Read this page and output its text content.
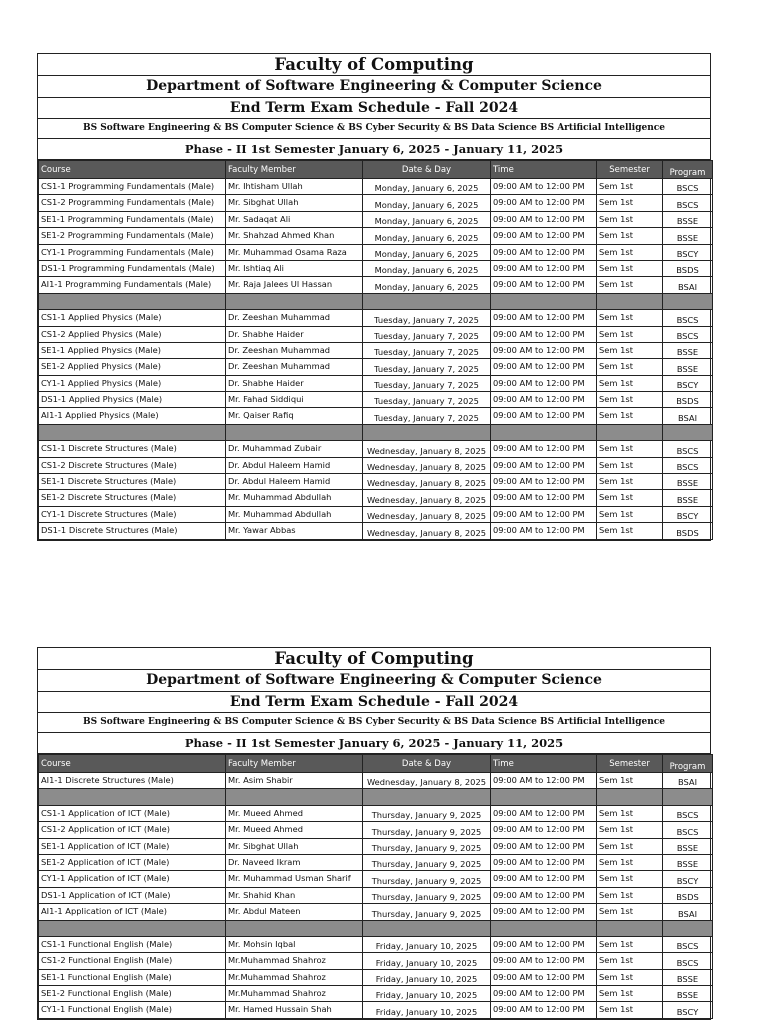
Faculty of Computing
Department of Software Engineering & Computer Science
End Term Exam Schedule - Fall 2024
BS Software Engineering & BS Computer Science & BS Cyber Security & BS Data Science BS Artificial Intelligence
Phase - II 1st Semester January 6, 2025 - January 11, 2025
Course	Faculty Member	Date & Day	Time	Semester	Program
CS1-1 Programming Fundamentals (Male)	Mr. Ihtisham Ullah	Monday, January 6, 2025	09:00 AM to 12:00 PM	Sem 1st	BSCS
CS1-2 Programming Fundamentals (Male)	Mr. Sibghat Ullah	Monday, January 6, 2025	09:00 AM to 12:00 PM	Sem 1st	BSCS
SE1-1 Programming Fundamentals (Male)	Mr. Sadaqat Ali	Monday, January 6, 2025	09:00 AM to 12:00 PM	Sem 1st	BSSE
SE1-2 Programming Fundamentals (Male)	Mr. Shahzad Ahmed Khan	Monday, January 6, 2025	09:00 AM to 12:00 PM	Sem 1st	BSSE
CY1-1 Programming Fundamentals (Male)	Mr. Muhammad Osama Raza	Monday, January 6, 2025	09:00 AM to 12:00 PM	Sem 1st	BSCY
DS1-1 Programming Fundamentals (Male)	Mr. Ishtiaq Ali	Monday, January 6, 2025	09:00 AM to 12:00 PM	Sem 1st	BSDS
AI1-1 Programming Fundamentals (Male)	Mr. Raja Jalees Ul Hassan	Monday, January 6, 2025	09:00 AM to 12:00 PM	Sem 1st	BSAI

CS1-1 Applied Physics (Male)	Dr. Zeeshan Muhammad	Tuesday, January 7, 2025	09:00 AM to 12:00 PM	Sem 1st	BSCS
CS1-2 Applied Physics (Male)	Dr. Shabhe Haider	Tuesday, January 7, 2025	09:00 AM to 12:00 PM	Sem 1st	BSCS
SE1-1 Applied Physics (Male)	Dr. Zeeshan Muhammad	Tuesday, January 7, 2025	09:00 AM to 12:00 PM	Sem 1st	BSSE
SE1-2 Applied Physics (Male)	Dr. Zeeshan Muhammad	Tuesday, January 7, 2025	09:00 AM to 12:00 PM	Sem 1st	BSSE
CY1-1 Applied Physics (Male)	Dr. Shabhe Haider	Tuesday, January 7, 2025	09:00 AM to 12:00 PM	Sem 1st	BSCY
DS1-1 Applied Physics (Male)	Mr. Fahad Siddiqui	Tuesday, January 7, 2025	09:00 AM to 12:00 PM	Sem 1st	BSDS
AI1-1 Applied Physics (Male)	Mr. Qaiser Rafiq	Tuesday, January 7, 2025	09:00 AM to 12:00 PM	Sem 1st	BSAI

CS1-1 Discrete Structures (Male)	Dr. Muhammad Zubair	Wednesday, January 8, 2025	09:00 AM to 12:00 PM	Sem 1st	BSCS
CS1-2 Discrete Structures (Male)	Dr. Abdul Haleem Hamid	Wednesday, January 8, 2025	09:00 AM to 12:00 PM	Sem 1st	BSCS
SE1-1 Discrete Structures (Male)	Dr. Abdul Haleem Hamid	Wednesday, January 8, 2025	09:00 AM to 12:00 PM	Sem 1st	BSSE
SE1-2 Discrete Structures (Male)	Mr. Muhammad Abdullah	Wednesday, January 8, 2025	09:00 AM to 12:00 PM	Sem 1st	BSSE
CY1-1 Discrete Structures (Male)	Mr. Muhammad Abdullah	Wednesday, January 8, 2025	09:00 AM to 12:00 PM	Sem 1st	BSCY
DS1-1 Discrete Structures (Male)	Mr. Yawar Abbas	Wednesday, January 8, 2025	09:00 AM to 12:00 PM	Sem 1st	BSDS
Faculty of Computing
Department of Software Engineering & Computer Science
End Term Exam Schedule - Fall 2024
BS Software Engineering & BS Computer Science & BS Cyber Security & BS Data Science BS Artificial Intelligence
Phase - II 1st Semester January 6, 2025 - January 11, 2025
Course	Faculty Member	Date & Day	Time	Semester	Program
AI1-1 Discrete Structures (Male)	Mr. Asim Shabir	Wednesday, January 8, 2025	09:00 AM to 12:00 PM	Sem 1st	BSAI

CS1-1 Application of ICT (Male)	Mr. Mueed Ahmed	Thursday, January 9, 2025	09:00 AM to 12:00 PM	Sem 1st	BSCS
CS1-2 Application of ICT (Male)	Mr. Mueed Ahmed	Thursday, January 9, 2025	09:00 AM to 12:00 PM	Sem 1st	BSCS
SE1-1 Application of ICT (Male)	Mr. Sibghat Ullah	Thursday, January 9, 2025	09:00 AM to 12:00 PM	Sem 1st	BSSE
SE1-2 Application of ICT (Male)	Dr. Naveed Ikram	Thursday, January 9, 2025	09:00 AM to 12:00 PM	Sem 1st	BSSE
CY1-1 Application of ICT (Male)	Mr. Muhammad Usman Sharif	Thursday, January 9, 2025	09:00 AM to 12:00 PM	Sem 1st	BSCY
DS1-1 Application of ICT (Male)	Mr. Shahid Khan	Thursday, January 9, 2025	09:00 AM to 12:00 PM	Sem 1st	BSDS
AI1-1 Application of ICT (Male)	Mr. Abdul Mateen	Thursday, January 9, 2025	09:00 AM to 12:00 PM	Sem 1st	BSAI

CS1-1 Functional English (Male)	Mr. Mohsin Iqbal	Friday, January 10, 2025	09:00 AM to 12:00 PM	Sem 1st	BSCS
CS1-2 Functional English (Male)	Mr.Muhammad Shahroz	Friday, January 10, 2025	09:00 AM to 12:00 PM	Sem 1st	BSCS
SE1-1 Functional English (Male)	Mr.Muhammad Shahroz	Friday, January 10, 2025	09:00 AM to 12:00 PM	Sem 1st	BSSE
SE1-2 Functional English (Male)	Mr.Muhammad Shahroz	Friday, January 10, 2025	09:00 AM to 12:00 PM	Sem 1st	BSSE
CY1-1 Functional English (Male)	Mr. Hamed Hussain Shah	Friday, January 10, 2025	09:00 AM to 12:00 PM	Sem 1st	BSCY
